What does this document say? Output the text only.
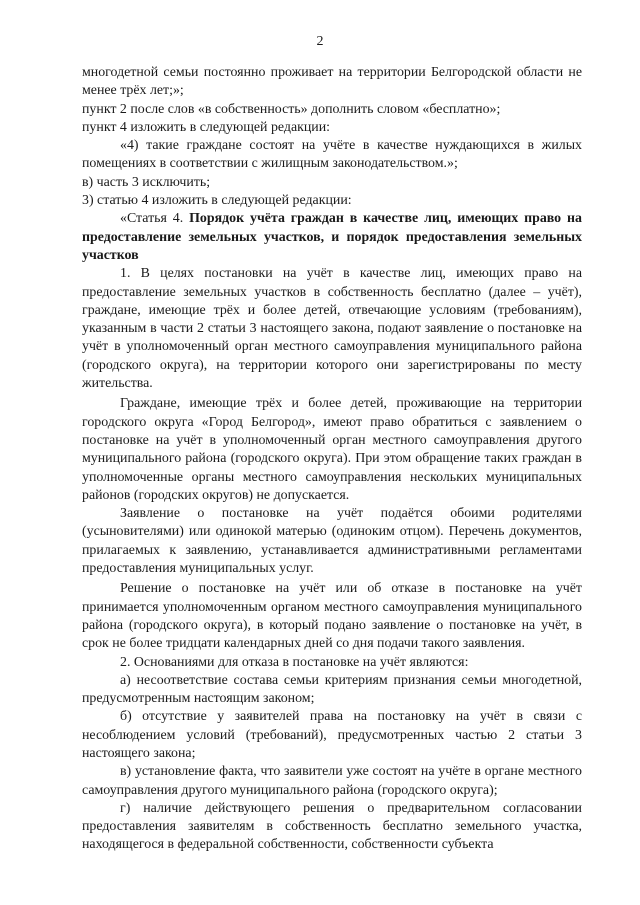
2

многодетной семьи постоянно проживает на территории Белгородской области не менее трёх лет;»;

пункт 2 после слов «в собственность» дополнить словом «бесплатно»;

пункт 4 изложить в следующей редакции:

«4) такие граждане состоят на учёте в качестве нуждающихся в жилых помещениях в соответствии с жилищным законодательством.»;

в) часть 3 исключить;

3) статью 4 изложить в следующей редакции:

«Статья 4. Порядок учёта граждан в качестве лиц, имеющих право на предоставление земельных участков, и порядок предоставления земельных участков

1. В целях постановки на учёт в качестве лиц, имеющих право на предоставление земельных участков в собственность бесплатно (далее – учёт), граждане, имеющие трёх и более детей, отвечающие условиям (требованиям), указанным в части 2 статьи 3 настоящего закона, подают заявление о постановке на учёт в уполномоченный орган местного самоуправления муниципального района (городского округа), на территории которого они зарегистрированы по месту жительства.

Граждане, имеющие трёх и более детей, проживающие на территории городского округа «Город Белгород», имеют право обратиться с заявлением о постановке на учёт в уполномоченный орган местного самоуправления другого муниципального района (городского округа). При этом обращение таких граждан в уполномоченные органы местного самоуправления нескольких муниципальных районов (городских округов) не допускается.

Заявление о постановке на учёт подаётся обоими родителями (усыновителями) или одинокой матерью (одиноким отцом). Перечень документов, прилагаемых к заявлению, устанавливается административными регламентами предоставления муниципальных услуг.

Решение о постановке на учёт или об отказе в постановке на учёт принимается уполномоченным органом местного самоуправления муниципального района (городского округа), в который подано заявление о постановке на учёт, в срок не более тридцати календарных дней со дня подачи такого заявления.

2. Основаниями для отказа в постановке на учёт являются:

а) несоответствие состава семьи критериям признания семьи многодетной, предусмотренным настоящим законом;

б) отсутствие у заявителей права на постановку на учёт в связи с несоблюдением условий (требований), предусмотренных частью 2 статьи 3 настоящего закона;

в) установление факта, что заявители уже состоят на учёте в органе местного самоуправления другого муниципального района (городского округа);

г) наличие действующего решения о предварительном согласовании предоставления заявителям в собственность бесплатно земельного участка, находящегося в федеральной собственности, собственности субъекта
